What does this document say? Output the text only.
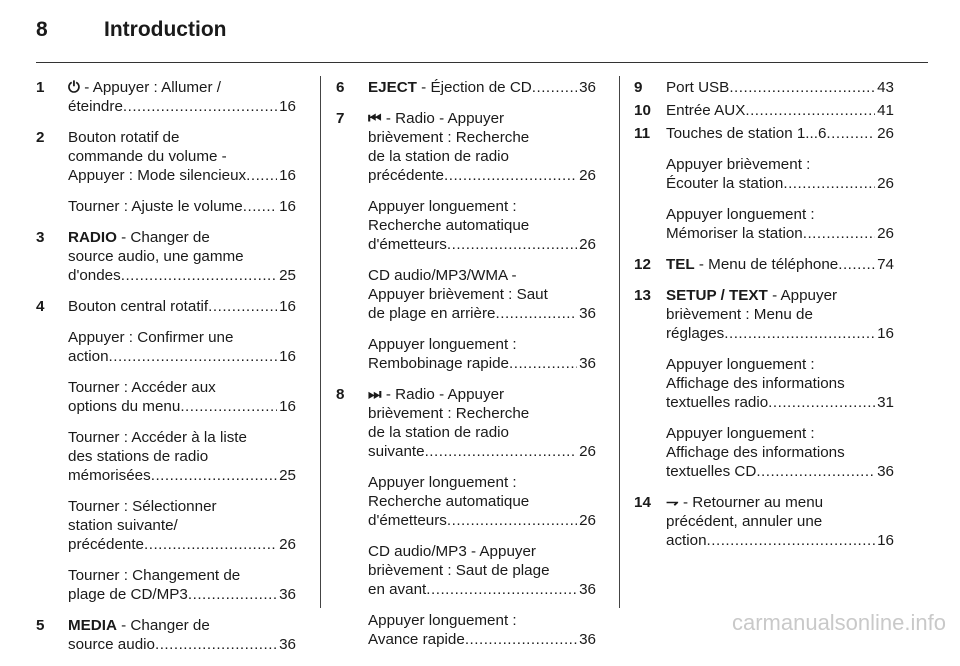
8	Introduction
1 ⏻ - Appuyer : Allumer /
éteindre .....	16
2 Bouton rotatif de
commande du volume -
Appuyer : Mode silencieux ..... 16
Tourner : Ajuste le volume ..... 16
3 RADIO - Changer de
source audio, une gamme
d'ondes .....	25
4 Bouton central rotatif .....	16
Appuyer : Confirmer une
action .....	16
Tourner : Accéder aux
options du menu .....	16
Tourner : Accéder à la liste
des stations de radio
mémorisées .....	25
Tourner : Sélectionner
station suivante/
précédente .....	26
Tourner : Changement de
plage de CD/MP3 .....	36
5 MEDIA - Changer de
source audio .....	36
6 EJECT - Éjection de CD .....	36
7 ⏮ - Radio - Appuyer
brièvement : Recherche
de la station de radio
précédente .....	26
Appuyer longuement :
Recherche automatique
d'émetteurs .....	26
CD audio/MP3/WMA -
Appuyer brièvement : Saut
de plage en arrière .....	36
Appuyer longuement :
Rembobinage rapide .....	36
8 ⏭ - Radio - Appuyer
brièvement : Recherche
de la station de radio
suivante .....	26
Appuyer longuement :
Recherche automatique
d'émetteurs .....	26
CD audio/MP3 - Appuyer
brièvement : Saut de plage
en avant .....	36
Appuyer longuement :
Avance rapide .....	36
9 Port USB .....	43
10 Entrée AUX .....	41
11 Touches de station 1...6 .....	26
Appuyer brièvement :
Écouter la station .....	26
Appuyer longuement :
Mémoriser la station .....	26
12 TEL - Menu de téléphone .....	74
13 SETUP / TEXT - Appuyer
brièvement : Menu de
réglages .....	16
Appuyer longuement :
Affichage des informations
textuelles radio .....	31
Appuyer longuement :
Affichage des informations
textuelles CD .....	36
14 ⇁ - Retourner au menu
précédent, annuler une
action .....	16
carmanualsonline.info
